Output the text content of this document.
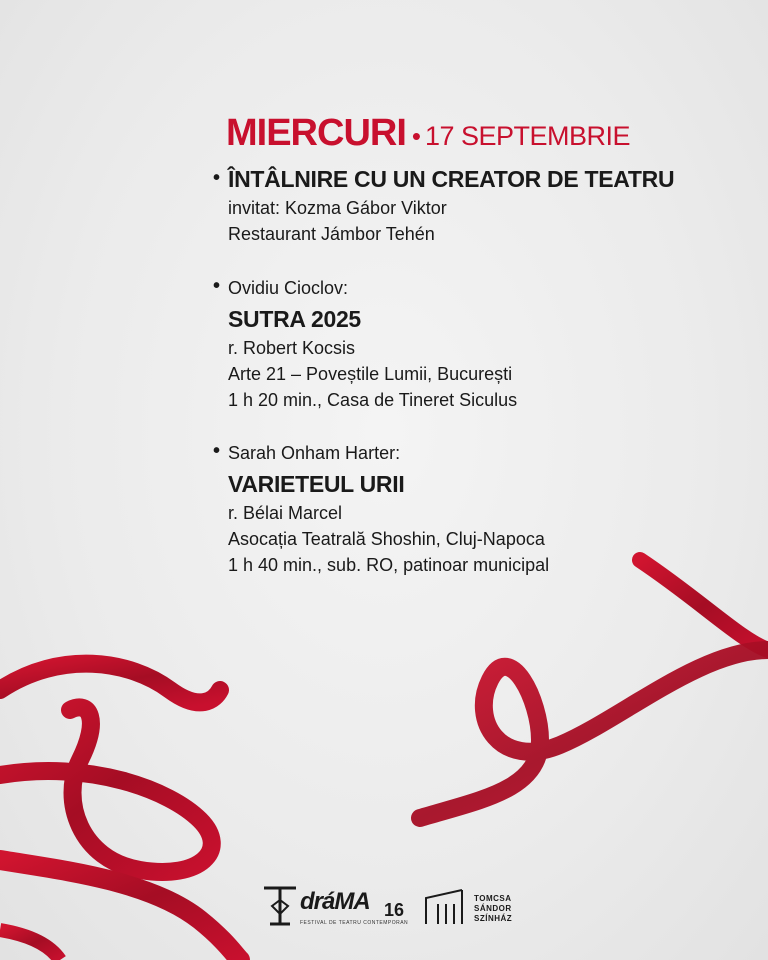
MIERCURI • 17 SEPTEMBRIE
• ÎNTÂLNIRE CU UN CREATOR DE TEATRU
invitat: Kozma Gábor Viktor
Restaurant Jámbor Tehén
• Ovidiu Cioclov:
SUTRA 2025
r. Robert Kocsis
Arte 21 – Poveștile Lumii, București
1 h 20 min., Casa de Tineret Siculus
• Sarah Onham Harter:
VARIETEUL URII
r. Bélai Marcel
Asocația Teatrală Shoshin, Cluj-Napoca
1 h 40 min., sub. RO, patinoar municipal
dráMA 16
FESTIVAL DE TEATRU CONTEMPORAN
TOMCSA
SÁNDOR
SZÍNHÁZ
